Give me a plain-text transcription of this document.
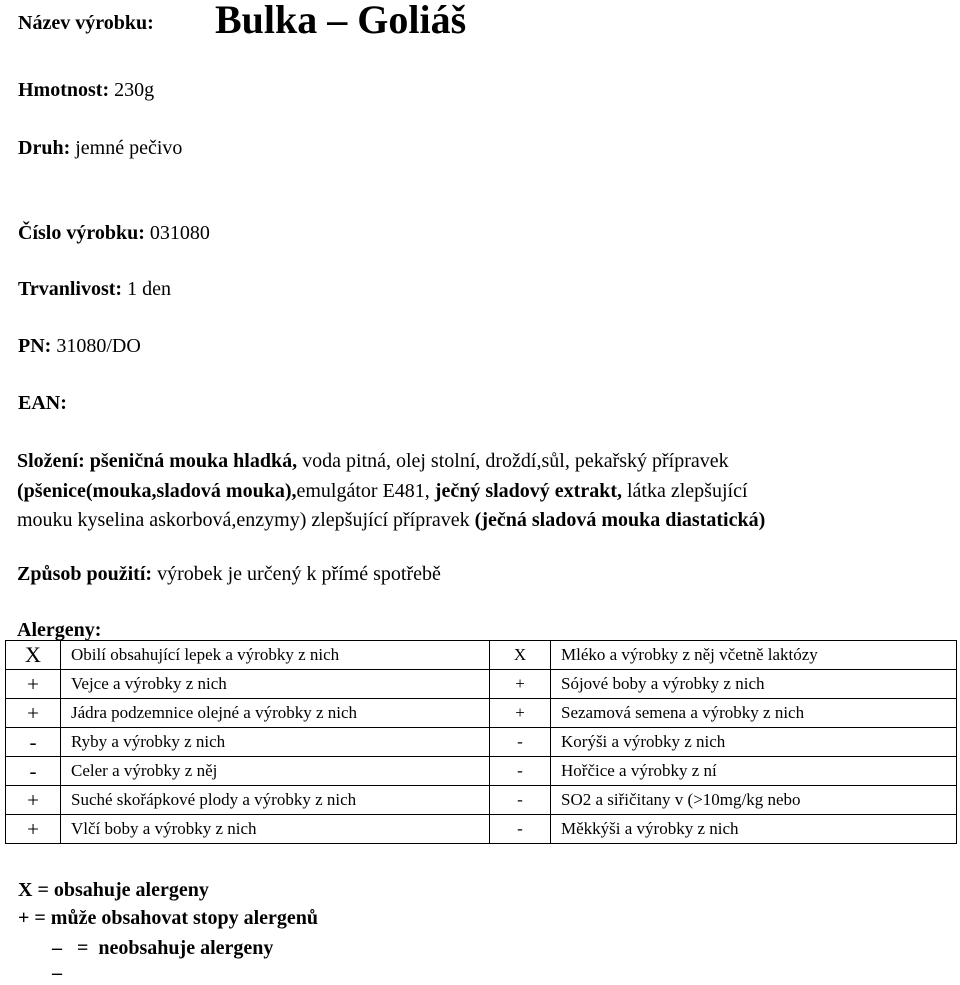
Název výrobku: Bulka – Goliáš
Hmotnost: 230g
Druh: jemné pečivo
Číslo výrobku: 031080
Trvanlivost: 1 den
PN: 31080/DO
EAN:
Složení: pšeničná mouka hladká, voda pitná, olej stolní, droždí,sůl, pekařský přípravek
(pšenice(mouka,sladová mouka),emulgátor E481, ječný sladový extrakt, látka zlepšující
mouku kyselina askorbová,enzymy) zlepšující přípravek (ječná sladová mouka diastatická)
Způsob použití: výrobek je určený k přímé spotřebě
Alergeny:
X	Obilí obsahující lepek a výrobky z nich	X	Mléko a výrobky z něj včetně laktózy
+	Vejce a výrobky z nich	+	Sójové boby a výrobky z nich
+	Jádra podzemnice olejné a výrobky z nich	+	Sezamová semena a výrobky z nich
-	Ryby a výrobky z nich	-	Korýši a výrobky z nich
-	Celer a výrobky z něj	-	Hořčice a výrobky z ní
+	Suché skořápkové plody a výrobky z nich	-	SO2 a siřičitany v (>10mg/kg nebo
+	Vlčí boby a výrobky z nich	-	Měkkýši a výrobky z nich
X = obsahuje alergeny
+ = může obsahovat stopy alergenů
–   =  neobsahuje alergeny
–
